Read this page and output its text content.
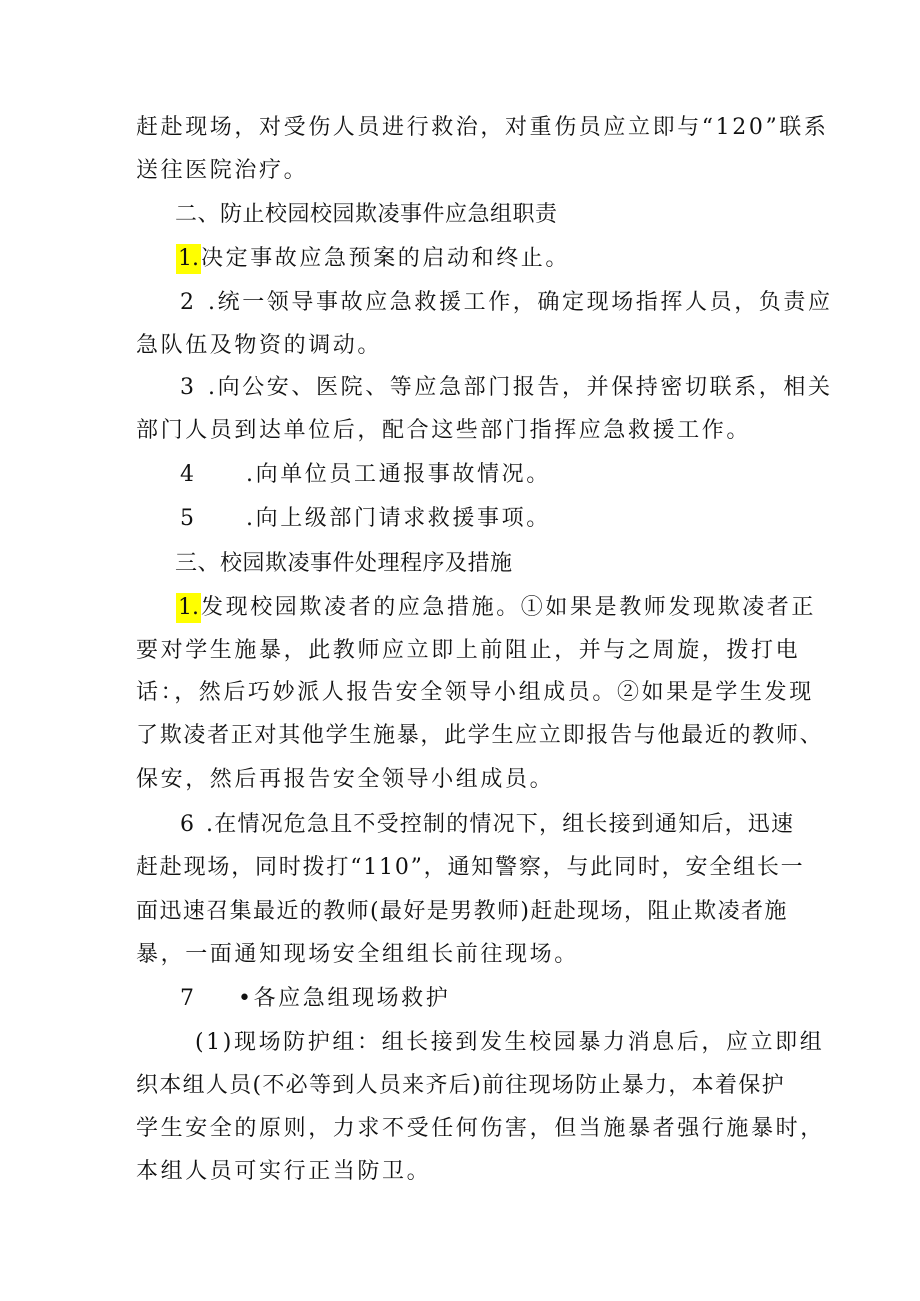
赶赴现场，对受伤人员进行救治，对重伤员应立即与“120”联系
送往医院治疗。
二、防止校园校园欺凌事件应急组职责
1.决定事故应急预案的启动和终止。
2 .统一领导事故应急救援工作，确定现场指挥人员，负责应
急队伍及物资的调动。
3 .向公安、医院、等应急部门报告，并保持密切联系，相关
部门人员到达单位后，配合这些部门指挥应急救援工作。
4 .向单位员工通报事故情况。
5 .向上级部门请求救援事项。
三、校园欺凌事件处理程序及措施
1.发现校园欺凌者的应急措施。①如果是教师发现欺凌者正
要对学生施暴，此教师应立即上前阻止，并与之周旋，拨打电
话：，然后巧妙派人报告安全领导小组成员。②如果是学生发现
了欺凌者正对其他学生施暴，此学生应立即报告与他最近的教师、
保安，然后再报告安全领导小组成员。
6 .在情况危急且不受控制的情况下，组长接到通知后，迅速
赶赴现场，同时拨打“110”，通知警察，与此同时，安全组长一
面迅速召集最近的教师(最好是男教师)赶赴现场，阻止欺凌者施
暴，一面通知现场安全组组长前往现场。
7 •各应急组现场救护
(1)现场防护组：组长接到发生校园暴力消息后，应立即组
织本组人员(不必等到人员来齐后)前往现场防止暴力，本着保护
学生安全的原则，力求不受任何伤害，但当施暴者强行施暴时，
本组人员可实行正当防卫。
